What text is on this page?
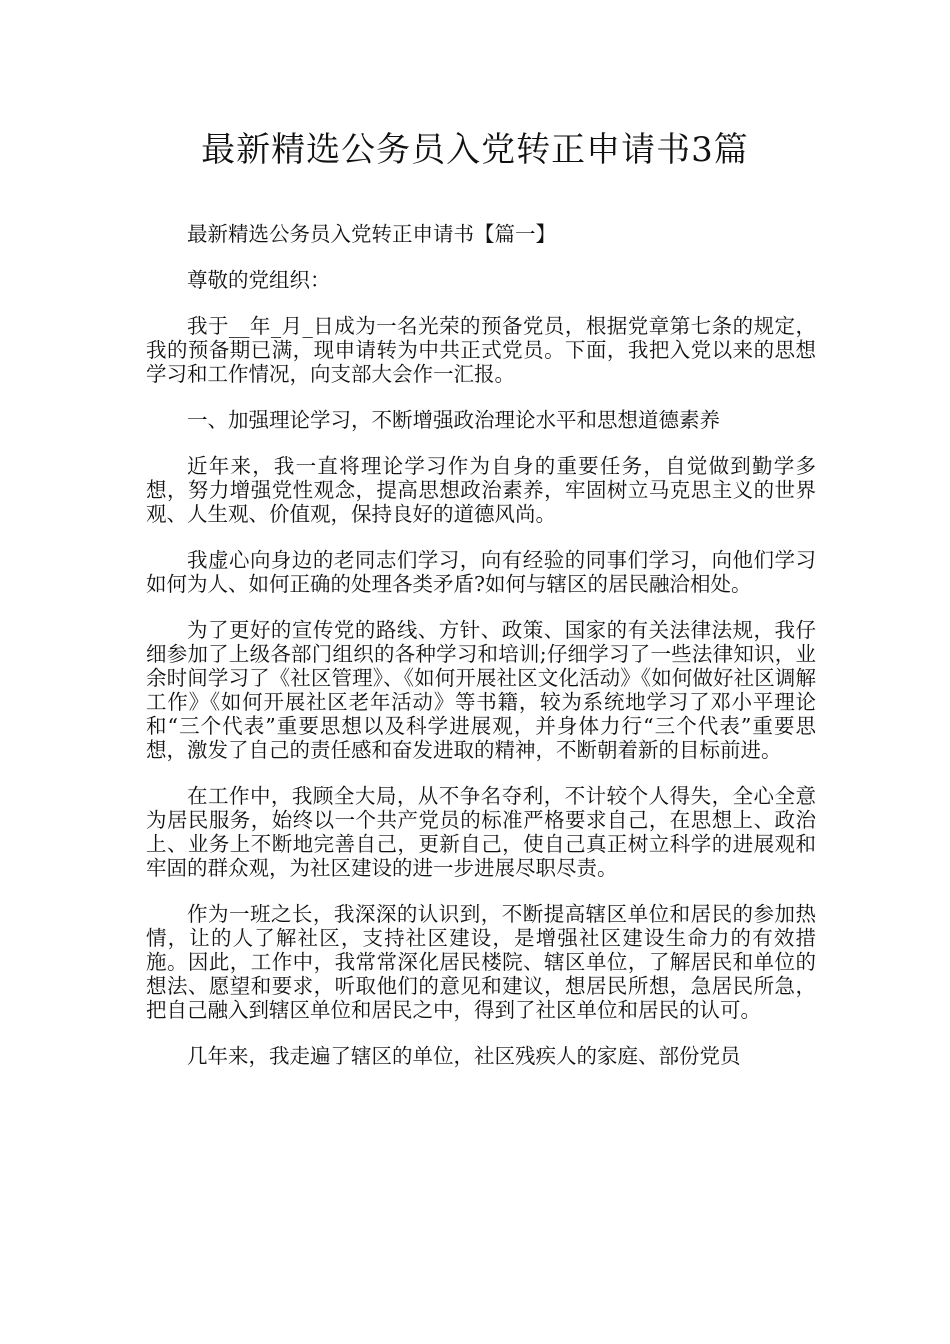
最新精选公务员入党转正申请书3篇

最新精选公务员入党转正申请书【篇一】

尊敬的党组织：

我于__年_月_日成为一名光荣的预备党员，根据党章第七条的规定，我的预备期已满，现申请转为中共正式党员。下面，我把入党以来的思想学习和工作情况，向支部大会作一汇报。

一、加强理论学习，不断增强政治理论水平和思想道德素养

近年来，我一直将理论学习作为自身的重要任务，自觉做到勤学多想，努力增强党性观念，提高思想政治素养，牢固树立马克思主义的世界观、人生观、价值观，保持良好的道德风尚。

我虚心向身边的老同志们学习，向有经验的同事们学习，向他们学习如何为人、如何正确的处理各类矛盾?如何与辖区的居民融洽相处。

为了更好的宣传党的路线、方针、政策、国家的有关法律法规，我仔细参加了上级各部门组织的各种学习和培训;仔细学习了一些法律知识，业余时间学习了《社区管理》、《如何开展社区文化活动》《如何做好社区调解工作》《如何开展社区老年活动》等书籍，较为系统地学习了邓小平理论和“三个代表”重要思想以及科学进展观，并身体力行“三个代表”重要思想，激发了自己的责任感和奋发进取的精神，不断朝着新的目标前进。

在工作中，我顾全大局，从不争名夺利，不计较个人得失，全心全意为居民服务，始终以一个共产党员的标准严格要求自己，在思想上、政治上、业务上不断地完善自己，更新自己，使自己真正树立科学的进展观和牢固的群众观，为社区建设的进一步进展尽职尽责。

作为一班之长，我深深的认识到，不断提高辖区单位和居民的参加热情，让的人了解社区，支持社区建设，是增强社区建设生命力的有效措施。因此，工作中，我常常深化居民楼院、辖区单位，了解居民和单位的想法、愿望和要求，听取他们的意见和建议，想居民所想，急居民所急，把自己融入到辖区单位和居民之中，得到了社区单位和居民的认可。

几年来，我走遍了辖区的单位，社区残疾人的家庭、部份党员
